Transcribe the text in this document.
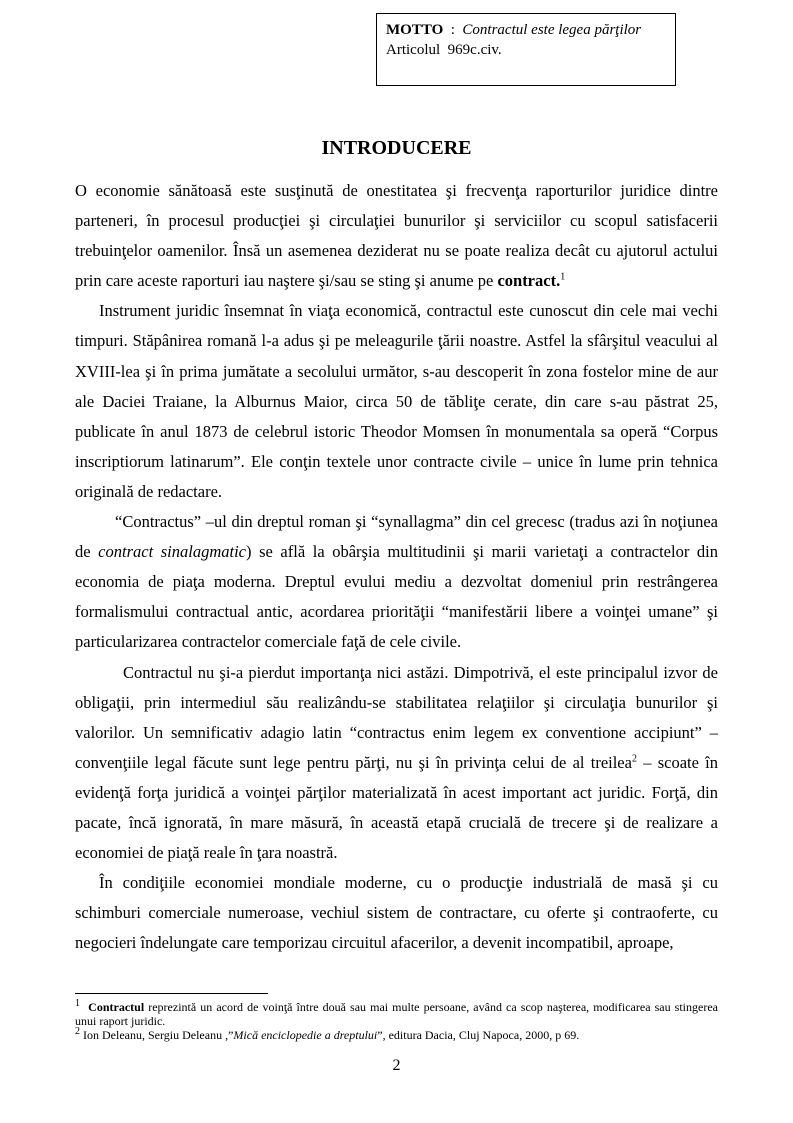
MOTTO  :  Contractul este legea părţilor
Articolul  969c.civ.
INTRODUCERE

O economie sănătoasă este susţinută de onestitatea şi frecvenţa raporturilor juridice dintre parteneri, în procesul producţiei şi circulaţiei bunurilor şi serviciilor cu scopul satisfacerii trebuinţelor oamenilor. Însă un asemenea deziderat nu se poate realiza decât cu ajutorul actului prin care aceste raporturi iau naştere şi/sau se sting şi anume pe contract.$^1$

Instrument juridic însemnat în viaţa economică, contractul este cunoscut din cele mai vechi timpuri. Stăpânirea romană l-a adus şi pe meleagurile ţării noastre. Astfel la sfârşitul veacului al XVIII-lea şi în prima jumătate a secolului următor, s-au descoperit în zona fostelor mine de aur ale Daciei Traiane, la Alburnus Maior, circa 50 de tăbliţe cerate, din care s-au păstrat 25, publicate în anul 1873 de celebrul istoric Theodor Momsen în monumentala sa operă “Corpus inscriptiorum latinarum”. Ele conţin textele unor contracte civile – unice în lume prin tehnica originală de redactare.

“Contractus” –ul din dreptul roman şi “synallagma” din cel grecesc (tradus azi în noţiunea de contract sinalagmatic) se află la obârşia multitudinii şi marii varietaţi a contractelor din economia de piaţa moderna. Dreptul evului mediu a dezvoltat domeniul prin restrângerea formalismului contractual antic, acordarea priorităţii “manifestării libere a voinţei umane” şi particularizarea contractelor comerciale faţă de cele civile.

Contractul nu şi-a pierdut importanţa nici astăzi. Dimpotrivă, el este principalul izvor de obligaţii, prin intermediul său realizându-se stabilitatea relaţiilor şi circulaţia bunurilor şi valorilor. Un semnificativ adagio latin “contractus enim legem ex conventione accipiunt” – convenţiile legal făcute sunt lege pentru părţi, nu şi în privinţa celui de al treilea$^2$ – scoate în evidenţă forţa juridică a voinţei părţilor materializată în acest important act juridic. Forţă, din pacate, încă ignorată, în mare măsură, în această etapă crucială de trecere şi de realizare a economiei de piaţă reale în ţara noastră.

În condiţiile economiei mondiale moderne, cu o producţie industrială de masă şi cu schimburi comerciale numeroase, vechiul sistem de contractare, cu oferte şi contraoferte, cu negocieri îndelungate care temporizau circuitul afacerilor, a devenit incompatibil, aproape,

$^1$ Contractul reprezintă un acord de voinţă între două sau mai multe persoane, având ca scop naşterea, modificarea sau stingerea unui raport juridic.

$^2$ Ion Deleanu, Sergiu Deleanu ,”Mică enciclopedie a dreptului”, editura Dacia, Cluj Napoca, 2000, p 69.

2
